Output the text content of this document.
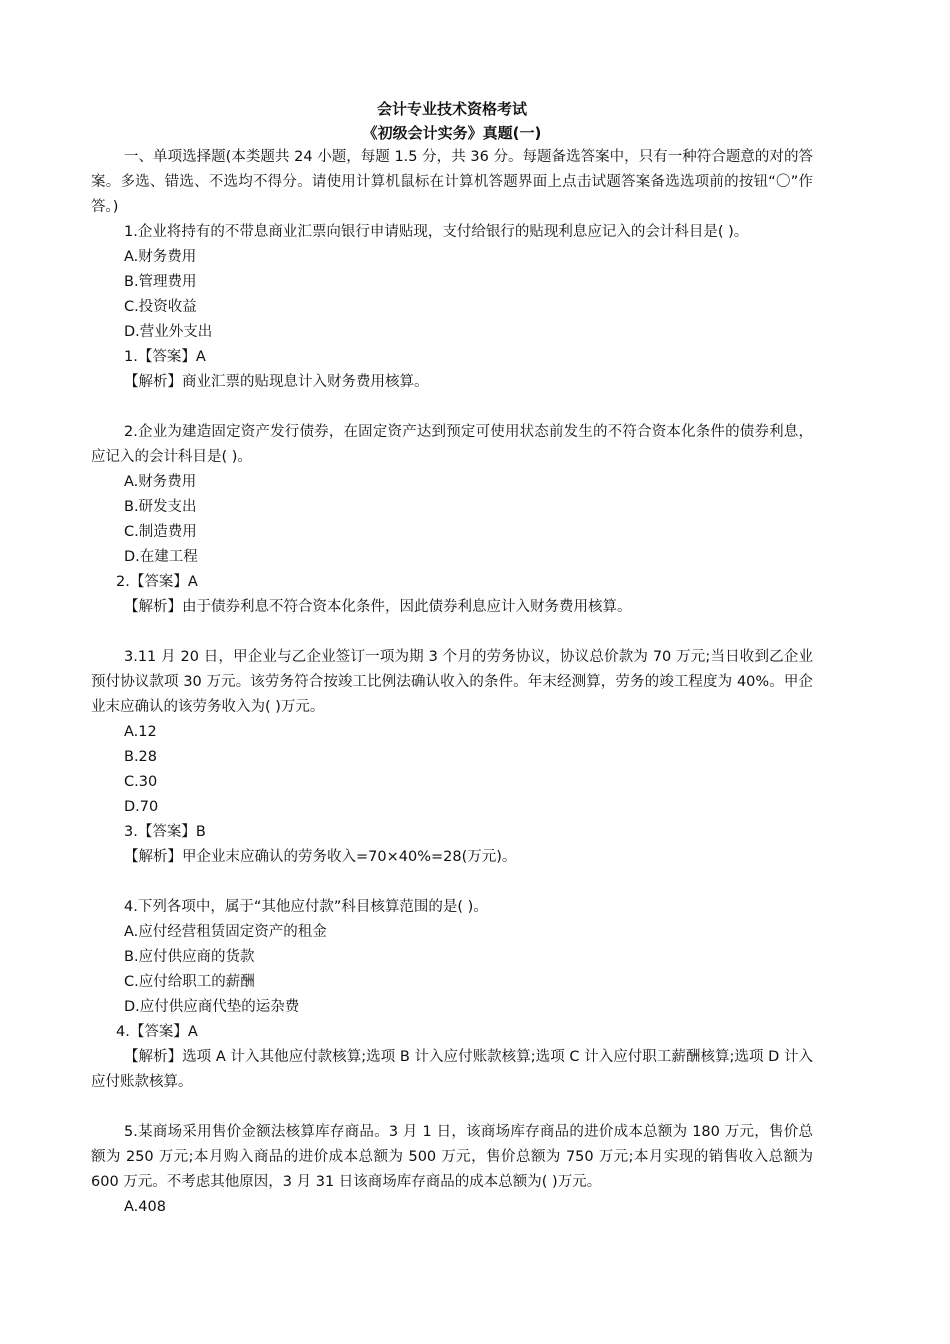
会计专业技术资格考试
《初级会计实务》真题(一)

一、单项选择题(本类题共 24 小题，每题 1.5 分，共 36 分。每题备选答案中，只有一种符合题意的对的答案。多选、错选、不选均不得分。请使用计算机鼠标在计算机答题界面上点击试题答案备选选项前的按钮“〇”作答。)

1.企业将持有的不带息商业汇票向银行申请贴现，支付给银行的贴现利息应记入的会计科目是( )。

A.财务费用

B.管理费用

C.投资收益

D.营业外支出

1.【答案】A

【解析】商业汇票的贴现息计入财务费用核算。

2.企业为建造固定资产发行债券，在固定资产达到预定可使用状态前发生的不符合资本化条件的债券利息，应记入的会计科目是( )。

A.财务费用

B.研发支出

C.制造费用

D.在建工程

2.【答案】A

【解析】由于债券利息不符合资本化条件，因此债券利息应计入财务费用核算。

3.11 月 20 日，甲企业与乙企业签订一项为期 3 个月的劳务协议，协议总价款为 70 万元;当日收到乙企业预付协议款项 30 万元。该劳务符合按竣工比例法确认收入的条件。年末经测算，劳务的竣工程度为 40%。甲企业末应确认的该劳务收入为( )万元。

A.12

B.28

C.30

D.70

3.【答案】B

【解析】甲企业末应确认的劳务收入=70×40%=28(万元)。

4.下列各项中，属于“其他应付款”科目核算范围的是( )。

A.应付经营租赁固定资产的租金

B.应付供应商的货款

C.应付给职工的薪酬

D.应付供应商代垫的运杂费

4.【答案】A

【解析】选项 A 计入其他应付款核算;选项 B 计入应付账款核算;选项 C 计入应付职工薪酬核算;选项 D 计入应付账款核算。

5.某商场采用售价金额法核算库存商品。3 月 1 日，该商场库存商品的进价成本总额为 180 万元，售价总额为 250 万元;本月购入商品的进价成本总额为 500 万元，售价总额为 750 万元;本月实现的销售收入总额为 600 万元。不考虑其他原因，3 月 31 日该商场库存商品的成本总额为( )万元。

A.408
